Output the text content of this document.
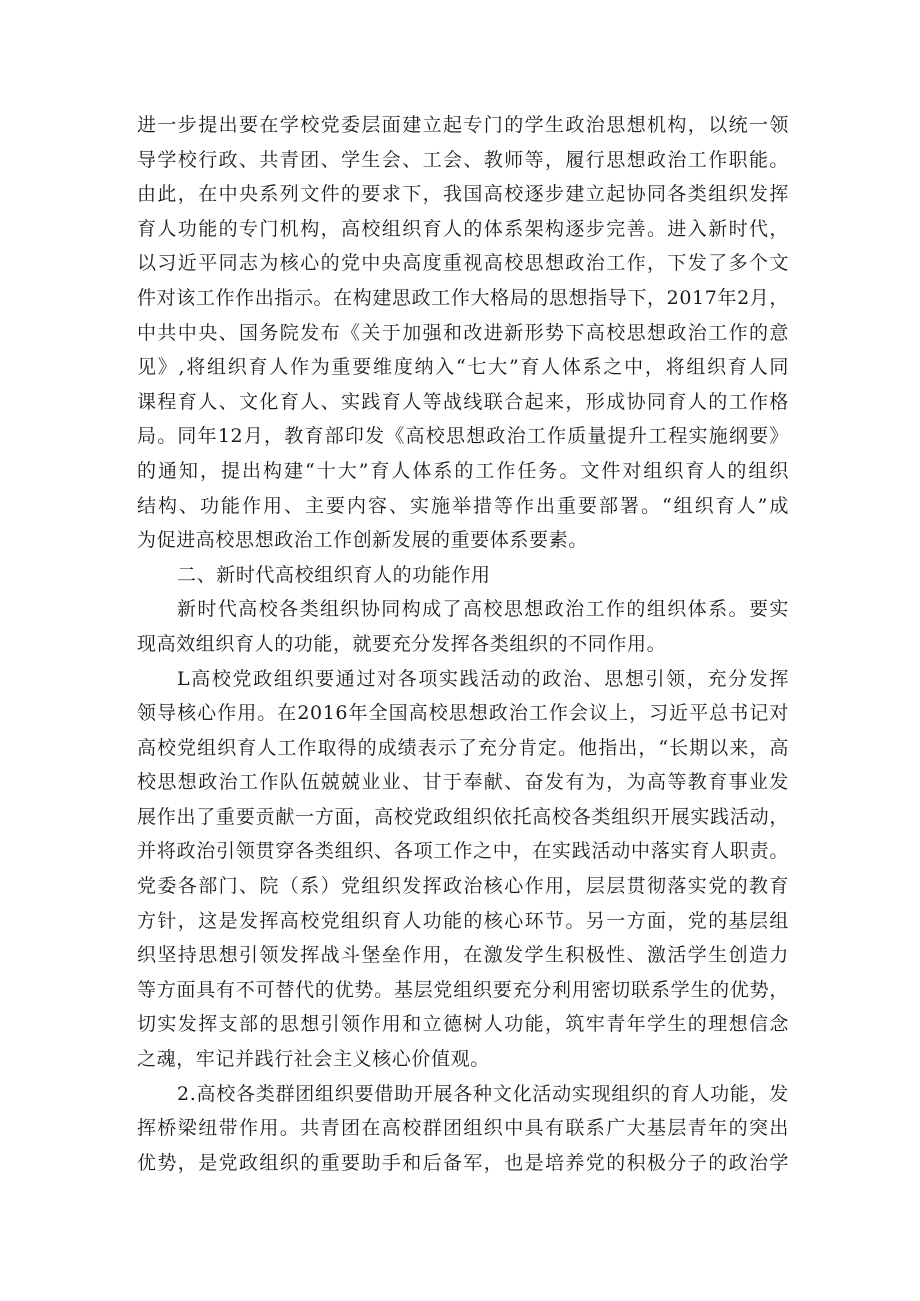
进一步提出要在学校党委层面建立起专门的学生政治思想机构，以统一领
导学校行政、共青团、学生会、工会、教师等，履行思想政治工作职能。
由此，在中央系列文件的要求下，我国高校逐步建立起协同各类组织发挥
育人功能的专门机构，高校组织育人的体系架构逐步完善。进入新时代，
以习近平同志为核心的党中央高度重视高校思想政治工作，下发了多个文
件对该工作作出指示。在构建思政工作大格局的思想指导下，2017年2月，
中共中央、国务院发布《关于加强和改进新形势下高校思想政治工作的意
见》,将组织育人作为重要维度纳入“七大”育人体系之中，将组织育人同
课程育人、文化育人、实践育人等战线联合起来，形成协同育人的工作格
局。同年12月，教育部印发《高校思想政治工作质量提升工程实施纲要》
的通知，提出构建“十大”育人体系的工作任务。文件对组织育人的组织
结构、功能作用、主要内容、实施举措等作出重要部署。“组织育人”成
为促进高校思想政治工作创新发展的重要体系要素。
二、新时代高校组织育人的功能作用
新时代高校各类组织协同构成了高校思想政治工作的组织体系。要实
现高效组织育人的功能，就要充分发挥各类组织的不同作用。
L高校党政组织要通过对各项实践活动的政治、思想引领，充分发挥
领导核心作用。在2016年全国高校思想政治工作会议上，习近平总书记对
高校党组织育人工作取得的成绩表示了充分肯定。他指出，“长期以来，高
校思想政治工作队伍兢兢业业、甘于奉献、奋发有为，为高等教育事业发
展作出了重要贡献一方面，高校党政组织依托高校各类组织开展实践活动，
并将政治引领贯穿各类组织、各项工作之中，在实践活动中落实育人职责。
党委各部门、院（系）党组织发挥政治核心作用，层层贯彻落实党的教育
方针，这是发挥高校党组织育人功能的核心环节。另一方面，党的基层组
织坚持思想引领发挥战斗堡垒作用，在激发学生积极性、激活学生创造力
等方面具有不可替代的优势。基层党组织要充分利用密切联系学生的优势，
切实发挥支部的思想引领作用和立德树人功能，筑牢青年学生的理想信念
之魂，牢记并践行社会主义核心价值观。
2.高校各类群团组织要借助开展各种文化活动实现组织的育人功能，发
挥桥梁纽带作用。共青团在高校群团组织中具有联系广大基层青年的突出
优势，是党政组织的重要助手和后备军，也是培养党的积极分子的政治学
